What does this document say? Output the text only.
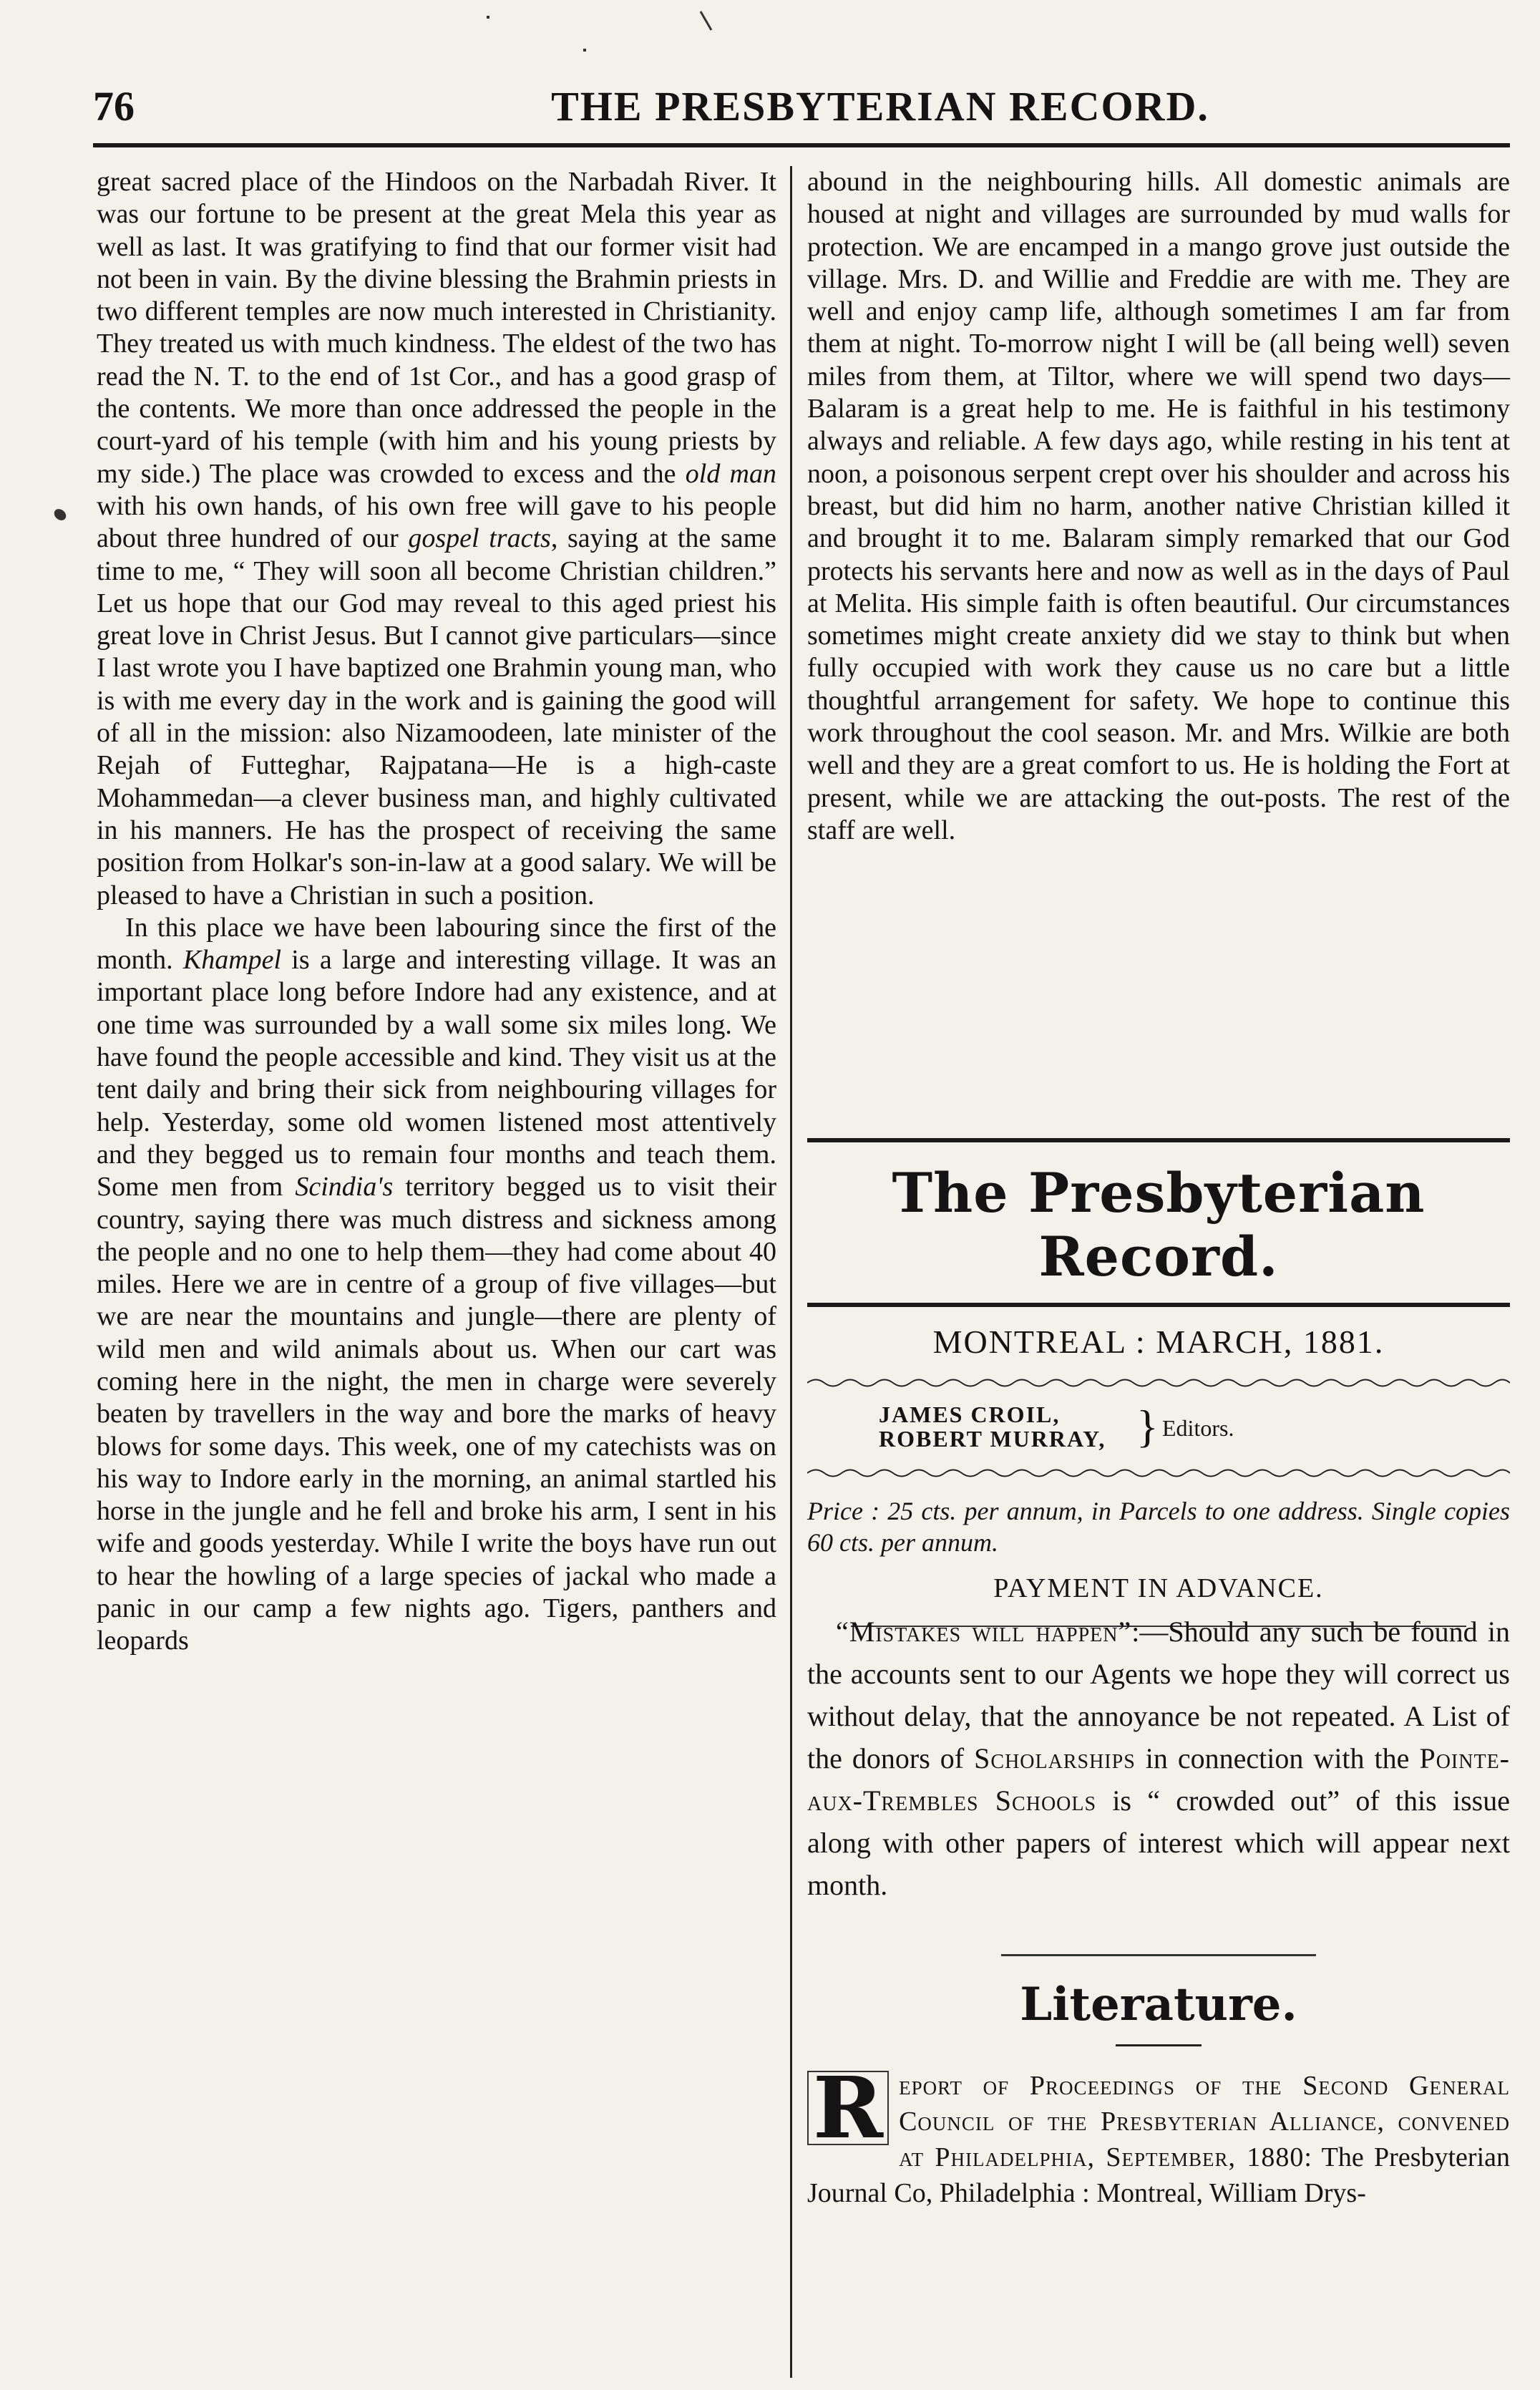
76	THE PRESBYTERIAN RECORD.

great sacred place of the Hindoos on the Narbadah River. It was our fortune to be present at the great Mela this year as well as last. It was gratifying to find that our former visit had not been in vain. By the divine blessing the Brahmin priests in two different temples are now much interested in Christianity. They treated us with much kindness. The eldest of the two has read the N. T. to the end of 1st Cor., and has a good grasp of the contents. We more than once addressed the people in the court-yard of his temple (with him and his young priests by my side.) The place was crowded to excess and the old man with his own hands, of his own free will gave to his people about three hundred of our gospel tracts, saying at the same time to me, “ They will soon all become Christian children.” Let us hope that our God may reveal to this aged priest his great love in Christ Jesus. But I cannot give particulars—since I last wrote you I have baptized one Brahmin young man, who is with me every day in the work and is gaining the good will of all in the mission: also Nizamoodeen, late minister of the Rejah of Futteghar, Rajpatana—He is a high-caste Mohammedan—a clever business man, and highly cultivated in his manners. He has the prospect of receiving the same position from Holkar's son-in-law at a good salary. We will be pleased to have a Christian in such a position.

In this place we have been labouring since the first of the month. Khampel is a large and interesting village. It was an important place long before Indore had any existence, and at one time was surrounded by a wall some six miles long. We have found the people accessible and kind. They visit us at the tent daily and bring their sick from neighbouring villages for help. Yesterday, some old women listened most attentively and they begged us to remain four months and teach them. Some men from Scindia's territory begged us to visit their country, saying there was much distress and sickness among the people and no one to help them—they had come about 40 miles. Here we are in centre of a group of five villages—but we are near the mountains and jungle—there are plenty of wild men and wild animals about us. When our cart was coming here in the night, the men in charge were severely beaten by travellers in the way and bore the marks of heavy blows for some days. This week, one of my catechists was on his way to Indore early in the morning, an animal startled his horse in the jungle and he fell and broke his arm, I sent in his wife and goods yesterday. While I write the boys have run out to hear the howling of a large species of jackal who made a panic in our camp a few nights ago. Tigers, panthers and leopards

abound in the neighbouring hills. All domestic animals are housed at night and villages are surrounded by mud walls for protection. We are encamped in a mango grove just outside the village. Mrs. D. and Willie and Freddie are with me. They are well and enjoy camp life, although sometimes I am far from them at night. To-morrow night I will be (all being well) seven miles from them, at Tiltor, where we will spend two days—Balaram is a great help to me. He is faithful in his testimony always and reliable. A few days ago, while resting in his tent at noon, a poisonous serpent crept over his shoulder and across his breast, but did him no harm, another native Christian killed it and brought it to me. Balaram simply remarked that our God protects his servants here and now as well as in the days of Paul at Melita. His simple faith is often beautiful. Our circumstances sometimes might create anxiety did we stay to think but when fully occupied with work they cause us no care but a little thoughtful arrangement for safety. We hope to continue this work throughout the cool season. Mr. and Mrs. Wilkie are both well and they are a great comfort to us. He is holding the Fort at present, while we are attacking the out-posts. The rest of the staff are well.

The Presbyterian Record.
MONTREAL : MARCH, 1881.
JAMES CROIL,
ROBERT MURRAY, } Editors.

Price : 25 cts. per annum, in Parcels to one address. Single copies 60 cts. per annum.

PAYMENT IN ADVANCE.

“Mistakes will happen”:—Should any such be found in the accounts sent to our Agents we hope they will correct us without delay, that the annoyance be not repeated. A List of the donors of Scholarships in connection with the Pointe-aux-Trembles Schools is “ crowded out” of this issue along with other papers of interest which will appear next month.

Literature.

R eport of Proceedings of the Second General Council of the Presbyterian Alliance, convened at Philadelphia, September, 1880: The Presbyterian Journal Co, Philadelphia : Montreal, William Drys-
